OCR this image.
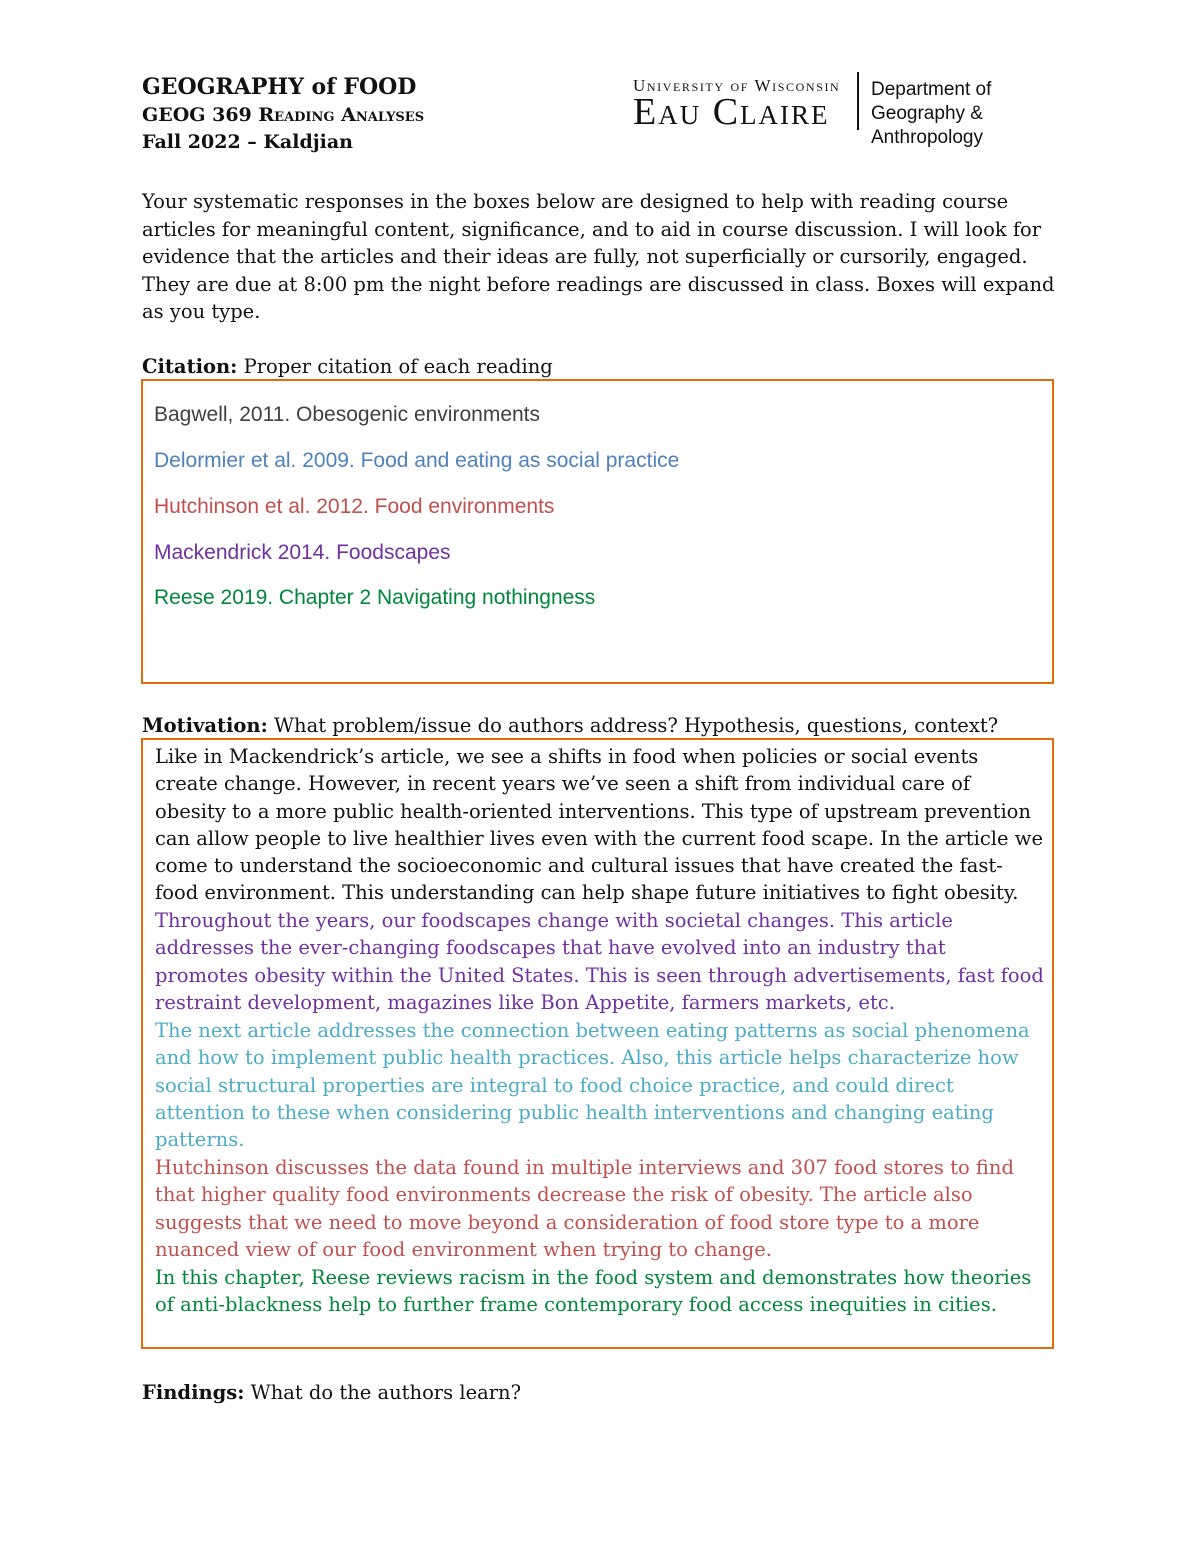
GEOGRAPHY of FOOD
GEOG 369 Reading Analyses
Fall 2022 – Kaldjian
University of Wisconsin
Eau Claire
Department of
Geography & Anthropology
Your systematic responses in the boxes below are designed to help with reading course articles for meaningful content, significance, and to aid in course discussion. I will look for evidence that the articles and their ideas are fully, not superficially or cursorily, engaged. They are due at 8:00 pm the night before readings are discussed in class. Boxes will expand as you type.
Citation: Proper citation of each reading
Bagwell, 2011. Obesogenic environments
Delormier et al. 2009. Food and eating as social practice
Hutchinson et al. 2012. Food environments
Mackendrick 2014. Foodscapes
Reese 2019. Chapter 2 Navigating nothingness
Motivation: What problem/issue do authors address? Hypothesis, questions, context?
Like in Mackendrick’s article, we see a shifts in food when policies or social events create change. However, in recent years we’ve seen a shift from individual care of obesity to a more public health-oriented interventions. This type of upstream prevention can allow people to live healthier lives even with the current food scape. In the article we come to understand the socioeconomic and cultural issues that have created the fast-food environment. This understanding can help shape future initiatives to fight obesity.
Throughout the years, our foodscapes change with societal changes. This article addresses the ever-changing foodscapes that have evolved into an industry that promotes obesity within the United States. This is seen through advertisements, fast food restraint development, magazines like Bon Appetite, farmers markets, etc.
The next article addresses the connection between eating patterns as social phenomena and how to implement public health practices. Also, this article helps characterize how social structural properties are integral to food choice practice, and could direct attention to these when considering public health interventions and changing eating patterns.
Hutchinson discusses the data found in multiple interviews and 307 food stores to find that higher quality food environments decrease the risk of obesity. The article also suggests that we need to move beyond a consideration of food store type to a more nuanced view of our food environment when trying to change.
In this chapter, Reese reviews racism in the food system and demonstrates how theories of anti-blackness help to further frame contemporary food access inequities in cities.
Findings: What do the authors learn?
